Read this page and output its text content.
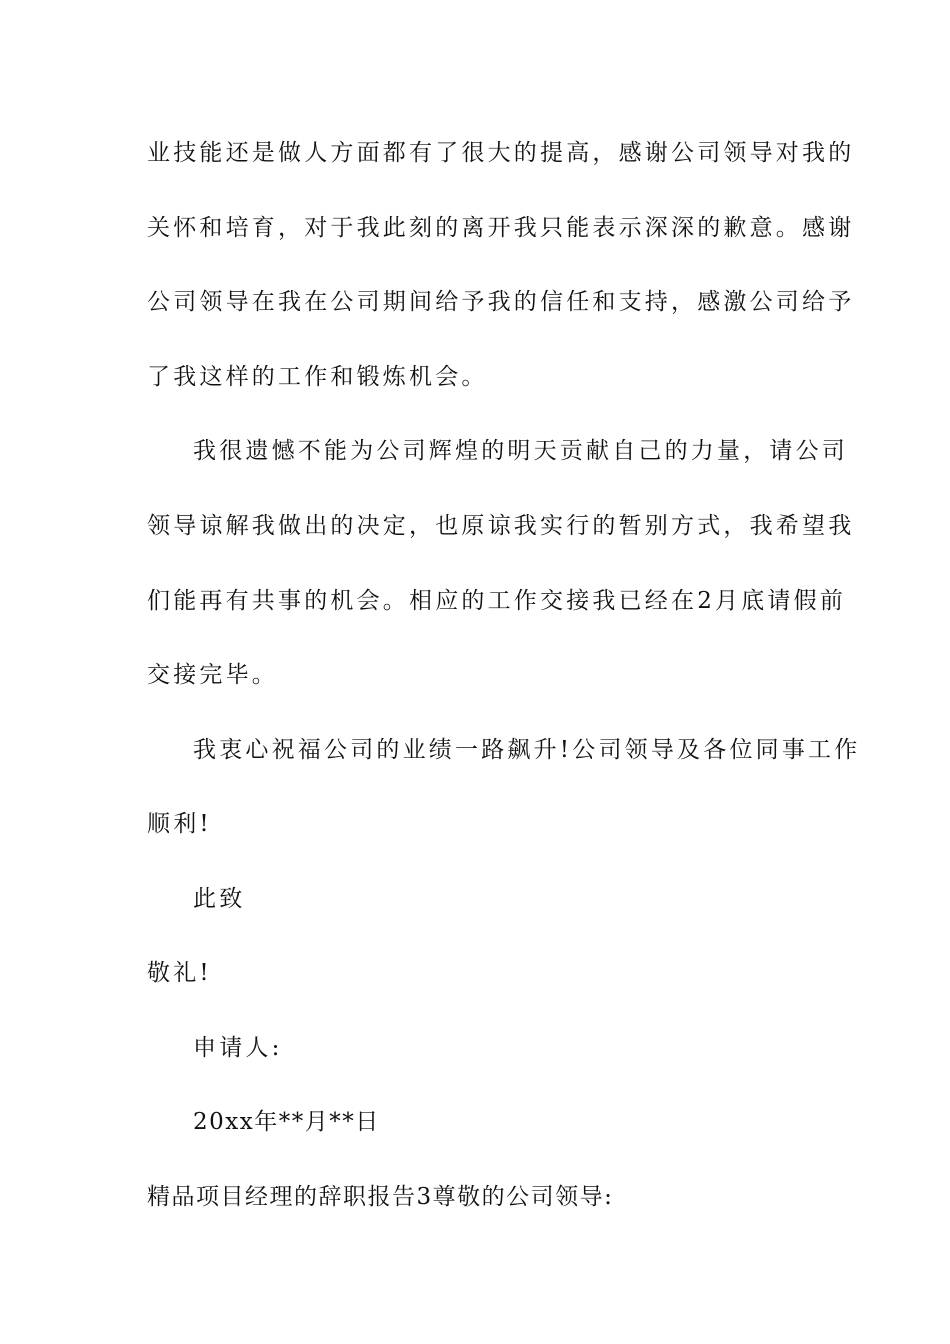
业技能还是做人方面都有了很大的提高，感谢公司领导对我的
关怀和培育，对于我此刻的离开我只能表示深深的歉意。感谢
公司领导在我在公司期间给予我的信任和支持，感激公司给予
了我这样的工作和锻炼机会。
我很遗憾不能为公司辉煌的明天贡献自己的力量，请公司
领导谅解我做出的决定，也原谅我实行的暂别方式，我希望我
们能再有共事的机会。相应的工作交接我已经在2月底请假前
交接完毕。
我衷心祝福公司的业绩一路飙升!公司领导及各位同事工作
顺利!
此致
敬礼!
申请人:
20xx年**月**日
精品项目经理的辞职报告3尊敬的公司领导:
